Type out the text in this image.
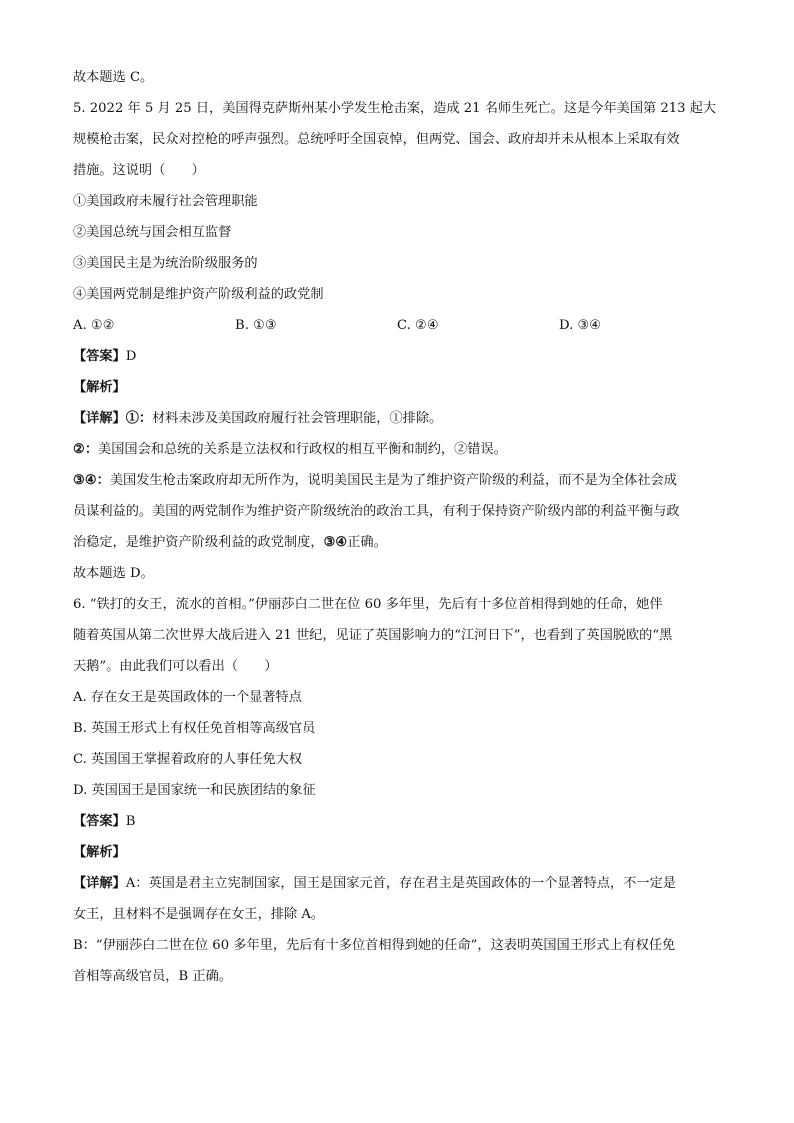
故本题选 C。
5. 2022 年 5 月 25 日，美国得克萨斯州某小学发生枪击案，造成 21 名师生死亡。这是今年美国第 213 起大
规模枪击案，民众对控枪的呼声强烈。总统呼吁全国哀悼，但两党、国会、政府却并未从根本上采取有效
措施。这说明（　　）
①美国政府未履行社会管理职能
②美国总统与国会相互监督
③美国民主是为统治阶级服务的
④美国两党制是维护资产阶级利益的政党制
A. ①②	B. ①③	C. ②④	D. ③④
【答案】D
【解析】
【详解】①：材料未涉及美国政府履行社会管理职能，①排除。
②：美国国会和总统的关系是立法权和行政权的相互平衡和制约，②错误。
③④：美国发生枪击案政府却无所作为，说明美国民主是为了维护资产阶级的利益，而不是为全体社会成
员谋利益的。美国的两党制作为维护资产阶级统治的政治工具，有利于保持资产阶级内部的利益平衡与政
治稳定，是维护资产阶级利益的政党制度，③④正确。
故本题选 D。
6. “铁打的女王，流水的首相。”伊丽莎白二世在位 60 多年里，先后有十多位首相得到她的任命，她伴
随着英国从第二次世界大战后进入 21 世纪，见证了英国影响力的“江河日下”，也看到了英国脱欧的“黑
天鹅”。由此我们可以看出（　　）
A. 存在女王是英国政体的一个显著特点
B. 英国王形式上有权任免首相等高级官员
C. 英国国王掌握着政府的人事任免大权
D. 英国国王是国家统一和民族团结的象征
【答案】B
【解析】
【详解】A：英国是君主立宪制国家，国王是国家元首，存在君主是英国政体的一个显著特点，不一定是
女王，且材料不是强调存在女王，排除 A。
B：“伊丽莎白二世在位 60 多年里，先后有十多位首相得到她的任命”，这表明英国国王形式上有权任免
首相等高级官员，B 正确。
